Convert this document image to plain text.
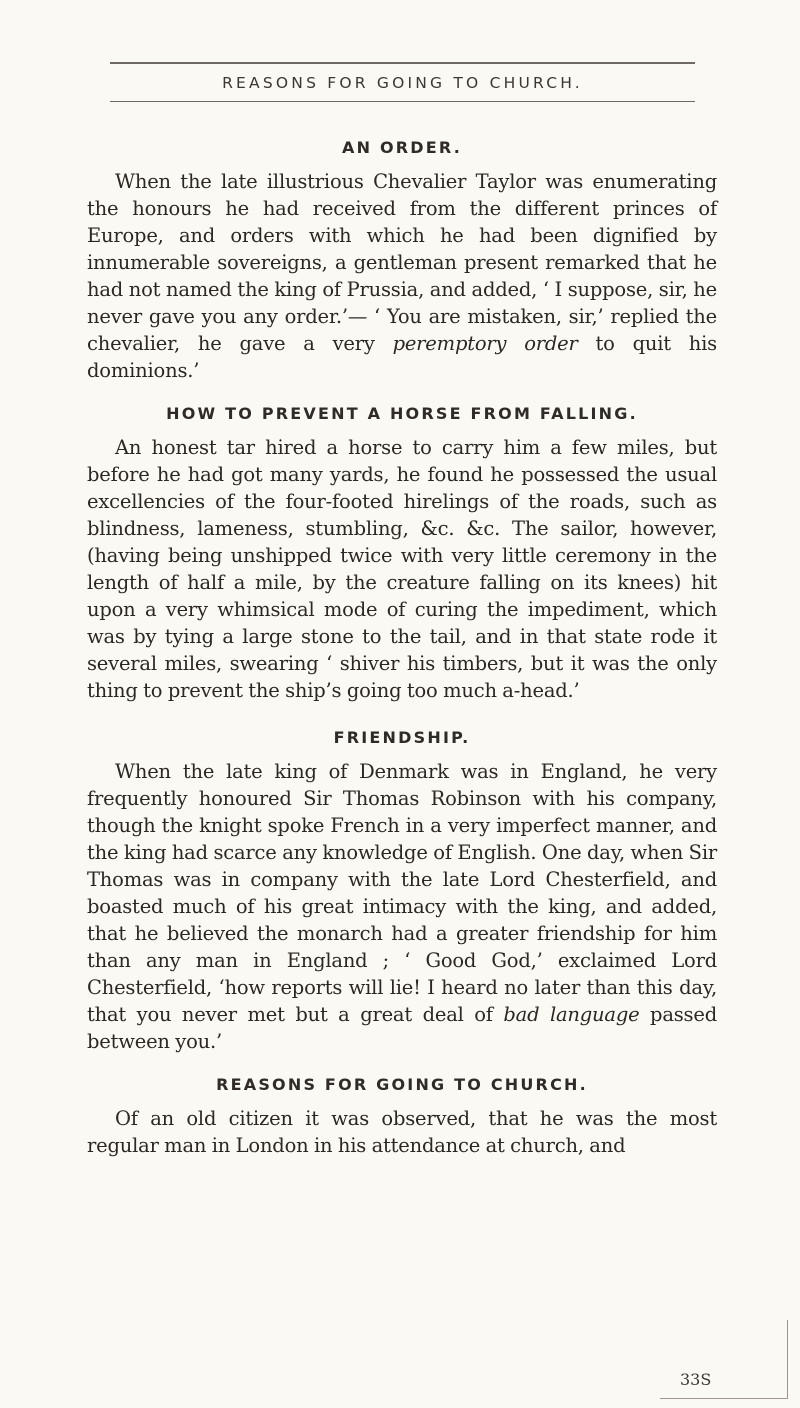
REASONS FOR GOING TO CHURCH.
AN ORDER.

When the late illustrious Chevalier Taylor was enumerating the honours he had received from the different princes of Europe, and orders with which he had been dignified by innumerable sovereigns, a gentleman present remarked that he had not named the king of Prussia, and added, ‘ I suppose, sir, he never gave you any order.’— ‘ You are mistaken, sir,’ replied the chevalier, he gave a very peremptory order to quit his dominions.’

HOW TO PREVENT A HORSE FROM FALLING.

An honest tar hired a horse to carry him a few miles, but before he had got many yards, he found he possessed the usual excellencies of the four-footed hirelings of the roads, such as blindness, lameness, stumbling, &c. &c. The sailor, however, (having being unshipped twice with very little ceremony in the length of half a mile, by the creature falling on its knees) hit upon a very whimsical mode of curing the impediment, which was by tying a large stone to the tail, and in that state rode it several miles, swearing ‘ shiver his timbers, but it was the only thing to prevent the ship’s going too much a-head.’

FRIENDSHIP.

When the late king of Denmark was in England, he very frequently honoured Sir Thomas Robinson with his company, though the knight spoke French in a very imperfect manner, and the king had scarce any knowledge of English. One day, when Sir Thomas was in company with the late Lord Chesterfield, and boasted much of his great intimacy with the king, and added, that he believed the monarch had a greater friendship for him than any man in England ; ‘ Good God,’ exclaimed Lord Chesterfield, ‘how reports will lie! I heard no later than this day, that you never met but a great deal of bad language passed between you.’

REASONS FOR GOING TO CHURCH.

Of an old citizen it was observed, that he was the most regular man in London in his attendance at church, and

33S
